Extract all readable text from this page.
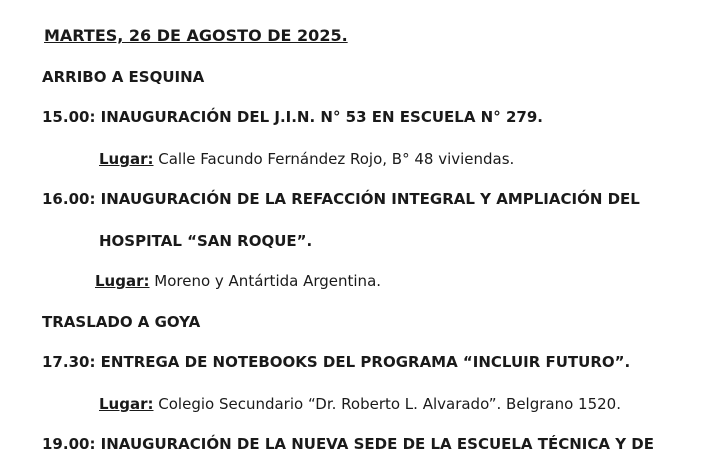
MARTES, 26 DE AGOSTO DE 2025.
ARRIBO A ESQUINA
15.00: INAUGURACIÓN DEL J.I.N. N° 53 EN ESCUELA N° 279.
Lugar: Calle Facundo Fernández Rojo, B° 48 viviendas.
16.00: INAUGURACIÓN DE LA REFACCIÓN INTEGRAL Y AMPLIACIÓN DEL
HOSPITAL “SAN ROQUE”.
Lugar: Moreno y Antártida Argentina.
TRASLADO A GOYA
17.30: ENTREGA DE NOTEBOOKS DEL PROGRAMA “INCLUIR FUTURO”.
Lugar: Colegio Secundario “Dr. Roberto L. Alvarado”. Belgrano 1520.
19.00: INAUGURACIÓN DE LA NUEVA SEDE DE LA ESCUELA TÉCNICA Y DE
